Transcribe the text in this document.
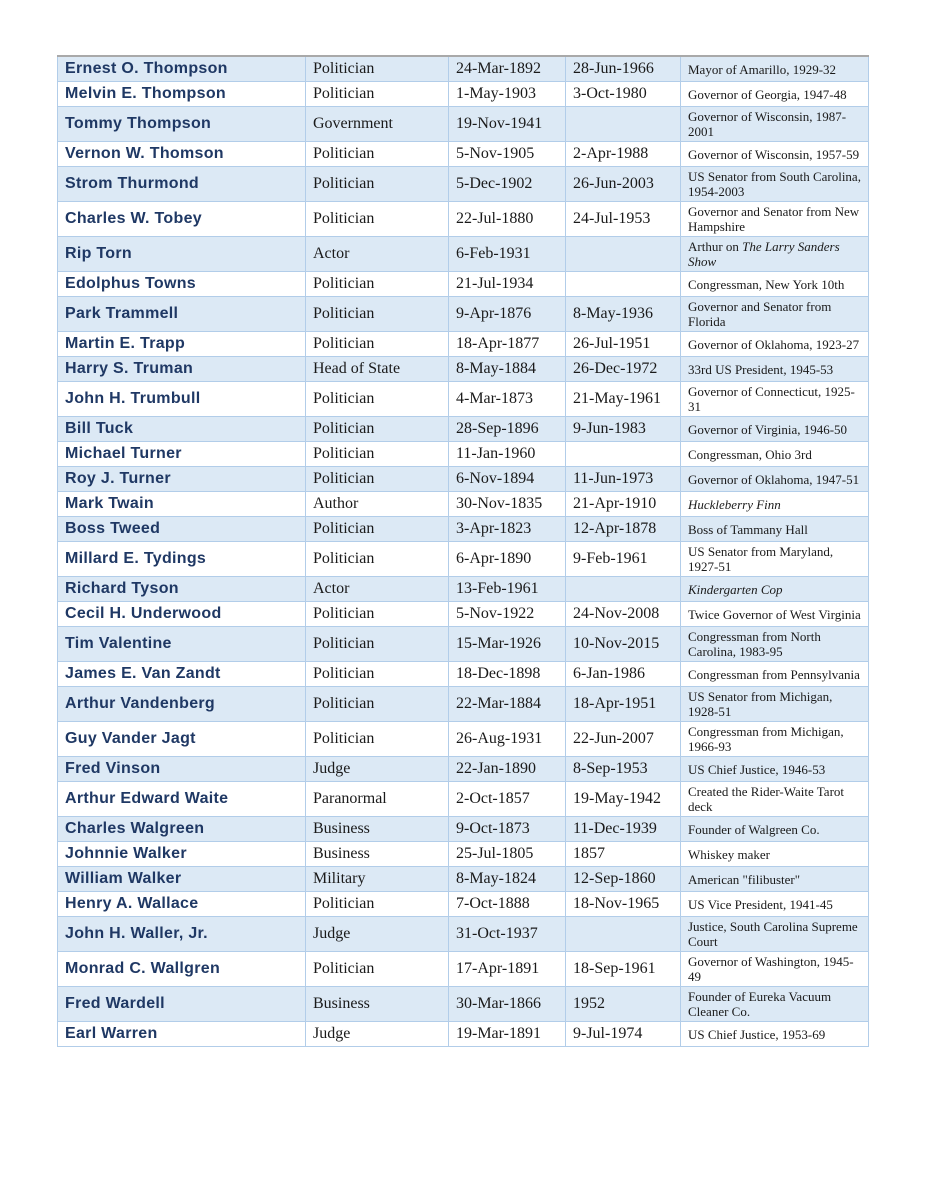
Ernest O. Thompson	Politician	24-Mar-1892	28-Jun-1966	Mayor of Amarillo, 1929-32
Melvin E. Thompson	Politician	1-May-1903	3-Oct-1980	Governor of Georgia, 1947-48
Tommy Thompson	Government	19-Nov-1941		Governor of Wisconsin, 1987-2001
Vernon W. Thomson	Politician	5-Nov-1905	2-Apr-1988	Governor of Wisconsin, 1957-59
Strom Thurmond	Politician	5-Dec-1902	26-Jun-2003	US Senator from South Carolina, 1954-2003
Charles W. Tobey	Politician	22-Jul-1880	24-Jul-1953	Governor and Senator from New Hampshire
Rip Torn	Actor	6-Feb-1931		Arthur on The Larry Sanders Show
Edolphus Towns	Politician	21-Jul-1934		Congressman, New York 10th
Park Trammell	Politician	9-Apr-1876	8-May-1936	Governor and Senator from Florida
Martin E. Trapp	Politician	18-Apr-1877	26-Jul-1951	Governor of Oklahoma, 1923-27
Harry S. Truman	Head of State	8-May-1884	26-Dec-1972	33rd US President, 1945-53
John H. Trumbull	Politician	4-Mar-1873	21-May-1961	Governor of Connecticut, 1925-31
Bill Tuck	Politician	28-Sep-1896	9-Jun-1983	Governor of Virginia, 1946-50
Michael Turner	Politician	11-Jan-1960		Congressman, Ohio 3rd
Roy J. Turner	Politician	6-Nov-1894	11-Jun-1973	Governor of Oklahoma, 1947-51
Mark Twain	Author	30-Nov-1835	21-Apr-1910	Huckleberry Finn
Boss Tweed	Politician	3-Apr-1823	12-Apr-1878	Boss of Tammany Hall
Millard E. Tydings	Politician	6-Apr-1890	9-Feb-1961	US Senator from Maryland, 1927-51
Richard Tyson	Actor	13-Feb-1961		Kindergarten Cop
Cecil H. Underwood	Politician	5-Nov-1922	24-Nov-2008	Twice Governor of West Virginia
Tim Valentine	Politician	15-Mar-1926	10-Nov-2015	Congressman from North Carolina, 1983-95
James E. Van Zandt	Politician	18-Dec-1898	6-Jan-1986	Congressman from Pennsylvania
Arthur Vandenberg	Politician	22-Mar-1884	18-Apr-1951	US Senator from Michigan, 1928-51
Guy Vander Jagt	Politician	26-Aug-1931	22-Jun-2007	Congressman from Michigan, 1966-93
Fred Vinson	Judge	22-Jan-1890	8-Sep-1953	US Chief Justice, 1946-53
Arthur Edward Waite	Paranormal	2-Oct-1857	19-May-1942	Created the Rider-Waite Tarot deck
Charles Walgreen	Business	9-Oct-1873	11-Dec-1939	Founder of Walgreen Co.
Johnnie Walker	Business	25-Jul-1805	1857	Whiskey maker
William Walker	Military	8-May-1824	12-Sep-1860	American "filibuster"
Henry A. Wallace	Politician	7-Oct-1888	18-Nov-1965	US Vice President, 1941-45
John H. Waller, Jr.	Judge	31-Oct-1937		Justice, South Carolina Supreme Court
Monrad C. Wallgren	Politician	17-Apr-1891	18-Sep-1961	Governor of Washington, 1945-49
Fred Wardell	Business	30-Mar-1866	1952	Founder of Eureka Vacuum Cleaner Co.
Earl Warren	Judge	19-Mar-1891	9-Jul-1974	US Chief Justice, 1953-69
